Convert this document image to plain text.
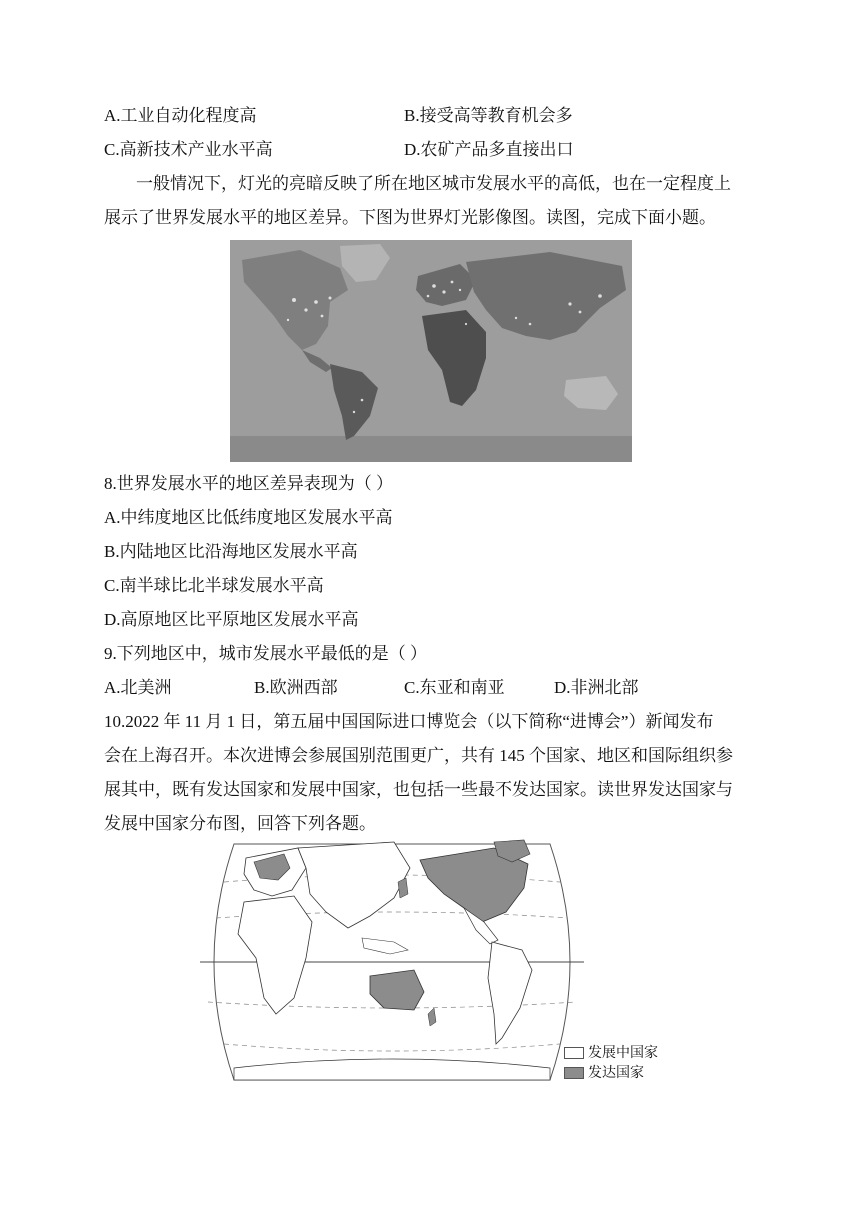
A.工业自动化程度高	B.接受高等教育机会多
C.高新技术产业水平高	D.农矿产品多直接出口
一般情况下，灯光的亮暗反映了所在地区城市发展水平的高低，也在一定程度上
展示了世界发展水平的地区差异。下图为世界灯光影像图。读图，完成下面小题。
8.世界发展水平的地区差异表现为（ ）
A.中纬度地区比低纬度地区发展水平高
B.内陆地区比沿海地区发展水平高
C.南半球比北半球发展水平高
D.高原地区比平原地区发展水平高
9.下列地区中，城市发展水平最低的是（ ）
A.北美洲	B.欧洲西部	C.东亚和南亚	D.非洲北部
10.2022 年 11 月 1 日，第五届中国国际进口博览会（以下简称“进博会”）新闻发布
会在上海召开。本次进博会参展国别范围更广，共有 145 个国家、地区和国际组织参
展其中，既有发达国家和发展中国家，也包括一些最不发达国家。读世界发达国家与
发展中国家分布图，回答下列各题。
发展中国家
发达国家
